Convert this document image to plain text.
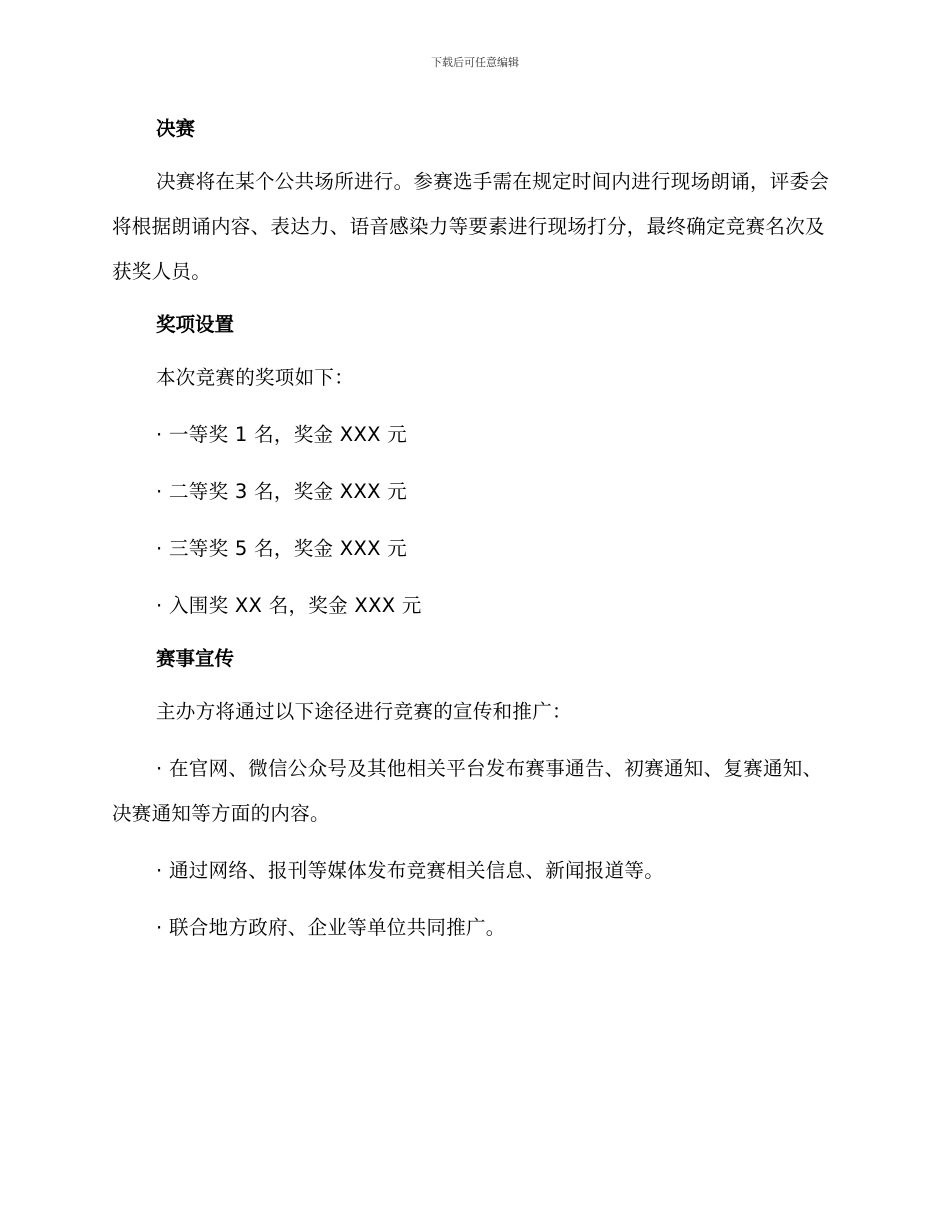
下载后可任意编辑

决赛

决赛将在某个公共场所进行。参赛选手需在规定时间内进行现场朗诵，评委会将根据朗诵内容、表达力、语音感染力等要素进行现场打分，最终确定竞赛名次及获奖人员。

奖项设置

本次竞赛的奖项如下：

· 一等奖 1 名，奖金 XXX 元

· 二等奖 3 名，奖金 XXX 元

· 三等奖 5 名，奖金 XXX 元

· 入围奖 XX 名，奖金 XXX 元

赛事宣传

主办方将通过以下途径进行竞赛的宣传和推广：

· 在官网、微信公众号及其他相关平台发布赛事通告、初赛通知、复赛通知、决赛通知等方面的内容。

· 通过网络、报刊等媒体发布竞赛相关信息、新闻报道等。

· 联合地方政府、企业等单位共同推广。
